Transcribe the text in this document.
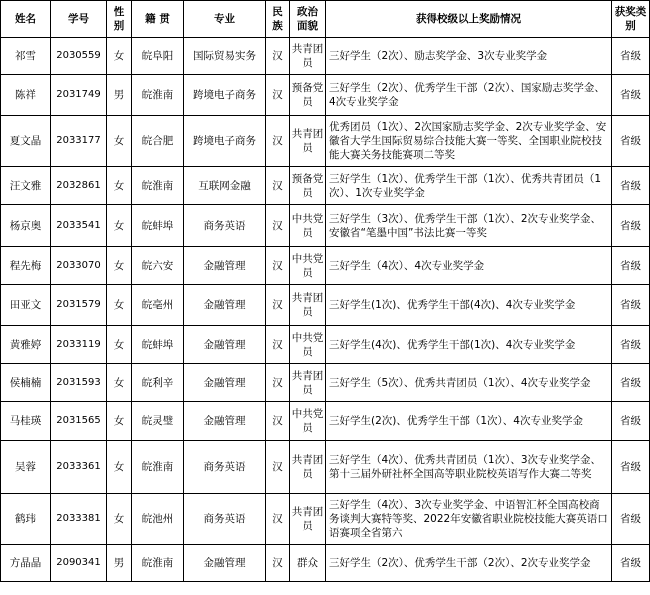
姓名	学号	性别	籍 贯	专业	民族	政治面貌	获得校级以上奖励情况	获奖类别
祁雪	2030559	女	皖阜阳	国际贸易实务	汉	共青团员	三好学生（2次）、励志奖学金、3次专业奖学金	省级
陈祥	2031749	男	皖淮南	跨境电子商务	汉	预备党员	三好学生（2次）、优秀学生干部（2次）、国家励志奖学金、4次专业奖学金	省级
夏文晶	2033177	女	皖合肥	跨境电子商务	汉	共青团员	优秀团员（1次）、2次国家励志奖学金、2次专业奖学金、安徽省大学生国际贸易综合技能大赛一等奖、全国职业院校技能大赛关务技能赛项二等奖	省级
汪文雅	2032861	女	皖淮南	互联网金融	汉	预备党员	三好学生（1次）、优秀学生干部（1次）、优秀共青团员（1次）、1次专业奖学金	省级
杨京奥	2033541	女	皖蚌埠	商务英语	汉	中共党员	三好学生（3次）、优秀学生干部（1次）、2次专业奖学金、安徽省“笔墨中国”书法比赛一等奖	省级
程先梅	2033070	女	皖六安	金融管理	汉	中共党员	三好学生（4次）、4次专业奖学金	省级
田亚文	2031579	女	皖亳州	金融管理	汉	共青团员	三好学生(1次)、优秀学生干部(4次)、4次专业奖学金	省级
黄雅婷	2033119	女	皖蚌埠	金融管理	汉	中共党员	三好学生(4次)、优秀学生干部(1次)、4次专业奖学金	省级
侯楠楠	2031593	女	皖利辛	金融管理	汉	共青团员	三好学生（5次）、优秀共青团员（1次）、4次专业奖学金	省级
马桂瑛	2031565	女	皖灵璧	金融管理	汉	中共党员	三好学生(2次)、优秀学生干部（1次）、4次专业奖学金	省级
吴蓉	2033361	女	皖淮南	商务英语	汉	共青团员	三好学生（4次）、优秀共青团员（1次）、3次专业奖学金、第十三届外研社杯全国高等职业院校英语写作大赛二等奖	省级
鹤玮	2033381	女	皖池州	商务英语	汉	共青团员	三好学生（4次）、3次专业奖学金、中语智汇杯全国高校商务谈判大赛特等奖、2022年安徽省职业院校技能大赛英语口语赛项全省第六	省级
方晶晶	2090341	男	皖淮南	金融管理	汉	群众	三好学生（2次）、优秀学生干部（2次）、2次专业奖学金	省级
